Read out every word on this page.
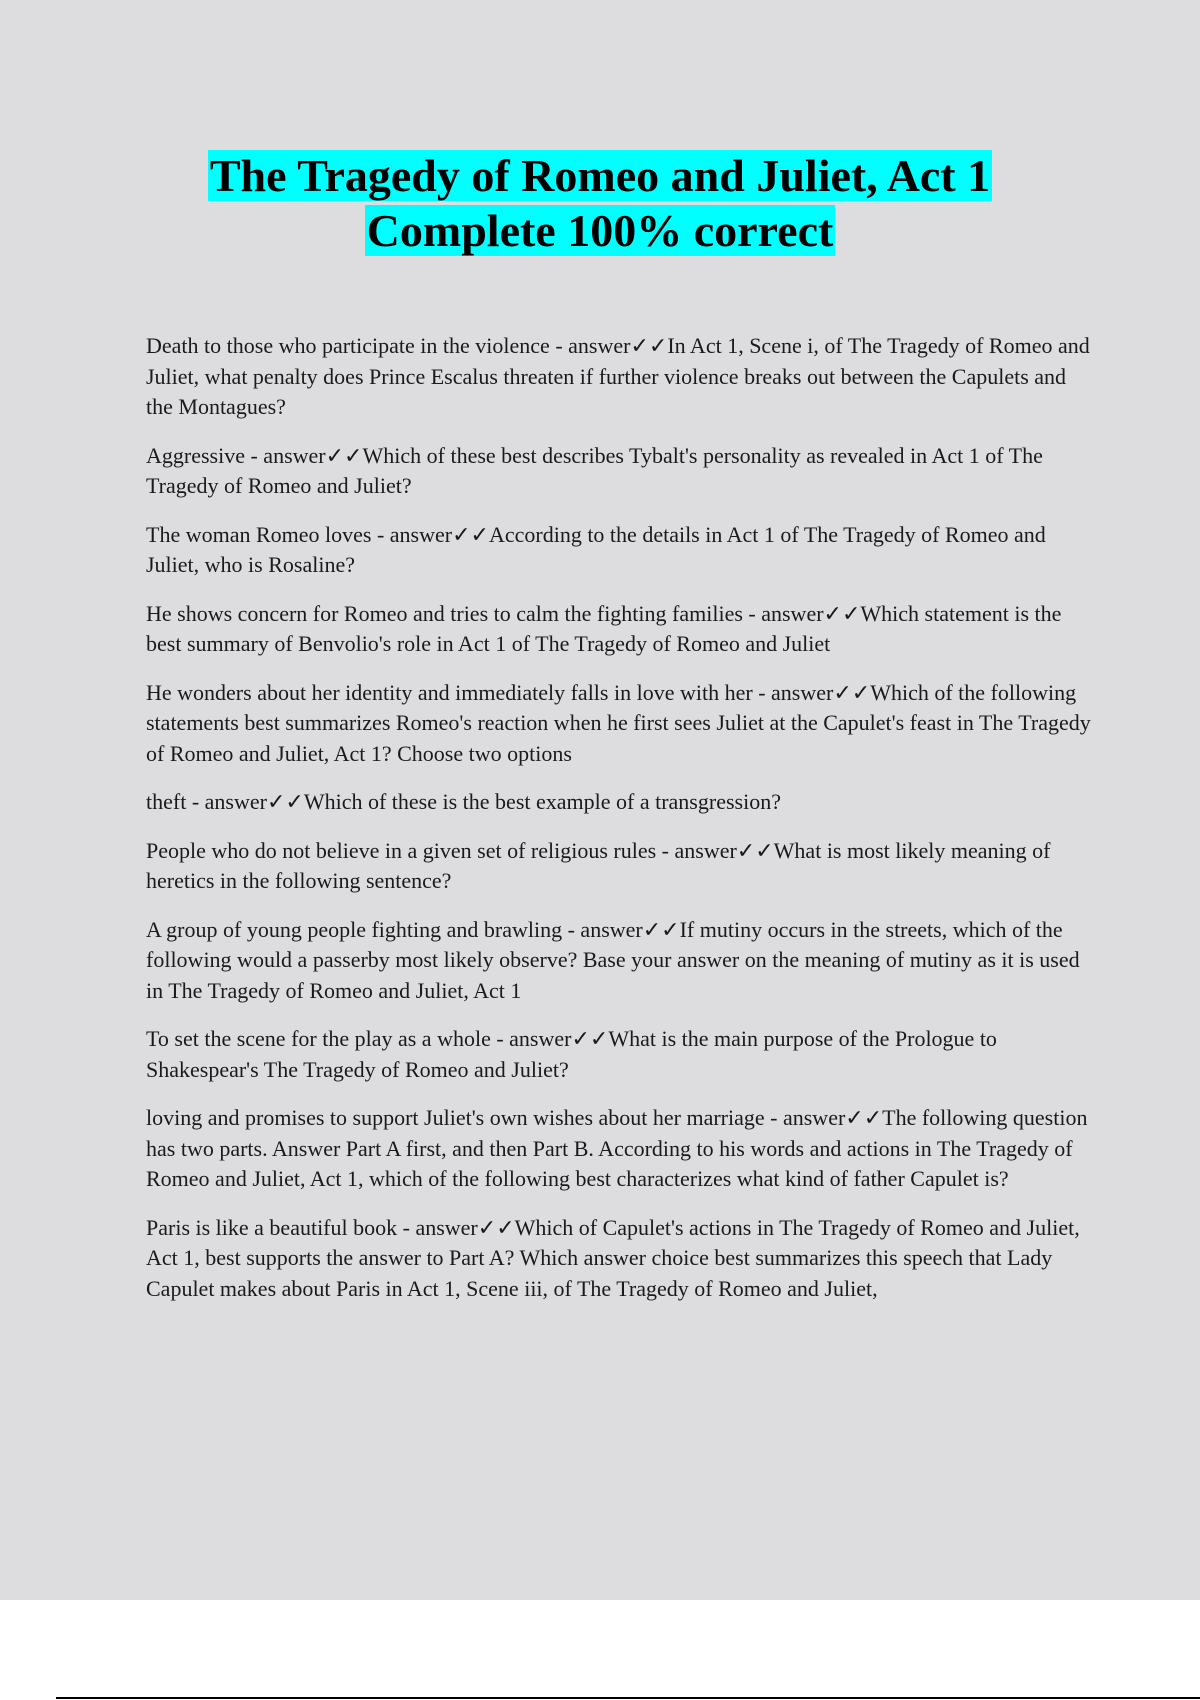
The Tragedy of Romeo and Juliet, Act 1
Complete 100% correct

Death to those who participate in the violence - answer✓✓In Act 1, Scene i, of The Tragedy of Romeo and Juliet, what penalty does Prince Escalus threaten if further violence breaks out between the Capulets and the Montagues?

Aggressive - answer✓✓Which of these best describes Tybalt's personality as revealed in Act 1 of The Tragedy of Romeo and Juliet?

The woman Romeo loves - answer✓✓According to the details in Act 1 of The Tragedy of Romeo and Juliet, who is Rosaline?

He shows concern for Romeo and tries to calm the fighting families - answer✓✓Which statement is the best summary of Benvolio's role in Act 1 of The Tragedy of Romeo and Juliet

He wonders about her identity and immediately falls in love with her - answer✓✓Which of the following statements best summarizes Romeo's reaction when he first sees Juliet at the Capulet's feast in The Tragedy of Romeo and Juliet, Act 1? Choose two options

theft - answer✓✓Which of these is the best example of a transgression?

People who do not believe in a given set of religious rules - answer✓✓What is most likely meaning of heretics in the following sentence?

A group of young people fighting and brawling - answer✓✓If mutiny occurs in the streets, which of the following would a passerby most likely observe? Base your answer on the meaning of mutiny as it is used in The Tragedy of Romeo and Juliet, Act 1

To set the scene for the play as a whole - answer✓✓What is the main purpose of the Prologue to Shakespear's The Tragedy of Romeo and Juliet?

loving and promises to support Juliet's own wishes about her marriage - answer✓✓The following question has two parts. Answer Part A first, and then Part B. According to his words and actions in The Tragedy of Romeo and Juliet, Act 1, which of the following best characterizes what kind of father Capulet is?

Paris is like a beautiful book - answer✓✓Which of Capulet's actions in The Tragedy of Romeo and Juliet, Act 1, best supports the answer to Part A? Which answer choice best summarizes this speech that Lady Capulet makes about Paris in Act 1, Scene iii, of The Tragedy of Romeo and Juliet,
